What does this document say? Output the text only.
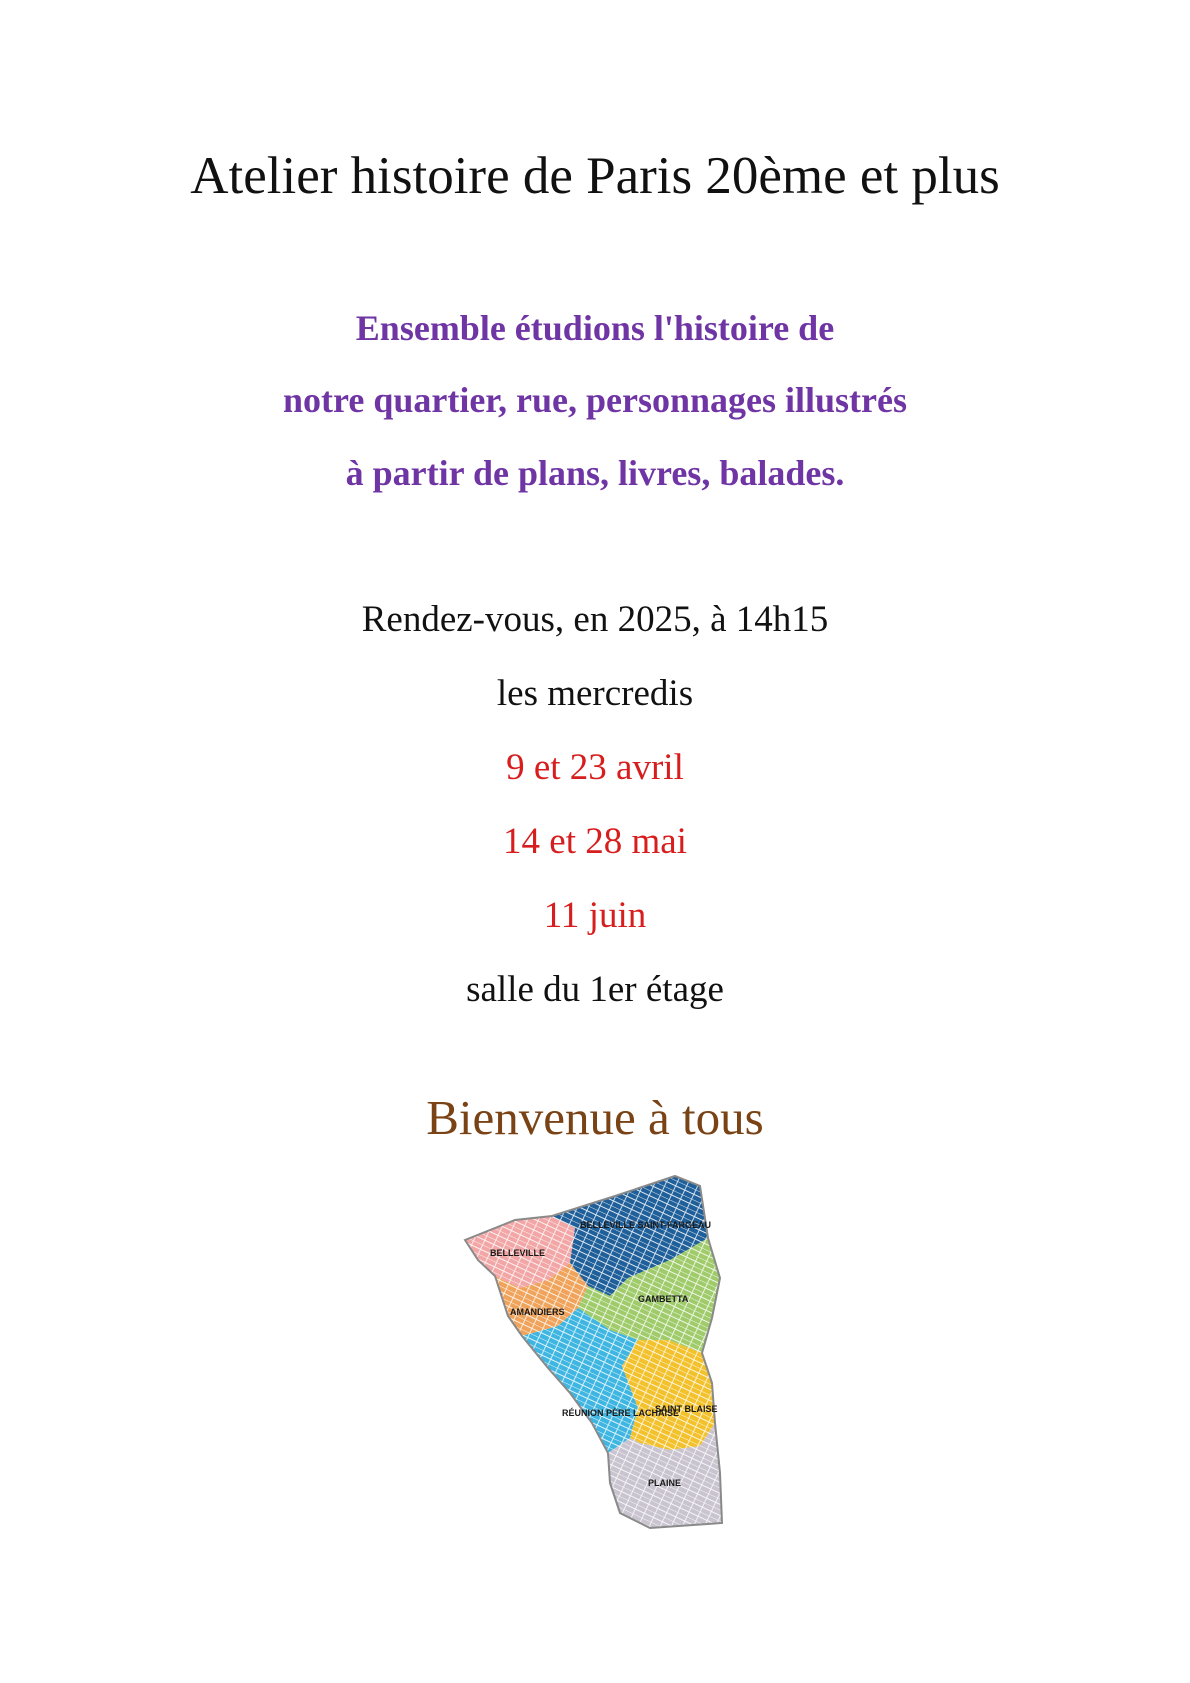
Atelier histoire de Paris 20ème et plus
Ensemble étudions l'histoire de
notre quartier, rue, personnages illustrés
à partir de plans, livres, balades.
Rendez-vous, en 2025, à 14h15
les mercredis
9 et 23 avril
14 et 28 mai
11 juin
salle du 1er étage
Bienvenue à tous
BELLEVILLE
BELLEVILLE SAINT-FARGEAU
AMANDIERS
GAMBETTA
RÉUNION PÈRE LACHAISE
SAINT BLAISE
PLAINE
